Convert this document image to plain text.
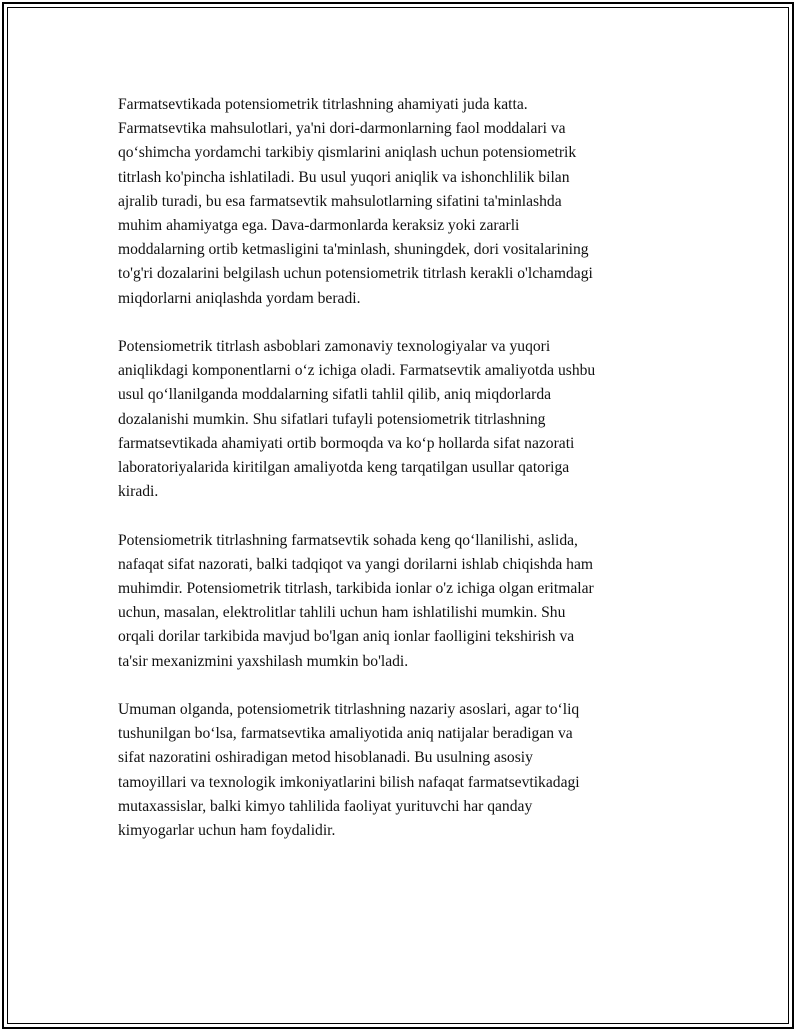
Farmatsevtikada potensiometrik titrlashning ahamiyati juda katta.
Farmatsevtika mahsulotlari, ya'ni dori-darmonlarning faol moddalari va
qo‘shimcha yordamchi tarkibiy qismlarini aniqlash uchun potensiometrik
titrlash ko'pincha ishlatiladi. Bu usul yuqori aniqlik va ishonchlilik bilan
ajralib turadi, bu esa farmatsevtik mahsulotlarning sifatini ta'minlashda
muhim ahamiyatga ega. Dava-darmonlarda keraksiz yoki zararli
moddalarning ortib ketmasligini ta'minlash, shuningdek, dori vositalarining
to'g'ri dozalarini belgilash uchun potensiometrik titrlash kerakli o'lchamdagi
miqdorlarni aniqlashda yordam beradi.

Potensiometrik titrlash asboblari zamonaviy texnologiyalar va yuqori
aniqlikdagi komponentlarni o‘z ichiga oladi. Farmatsevtik amaliyotda ushbu
usul qo‘llanilganda moddalarning sifatli tahlil qilib, aniq miqdorlarda
dozalanishi mumkin. Shu sifatlari tufayli potensiometrik titrlashning
farmatsevtikada ahamiyati ortib bormoqda va ko‘p hollarda sifat nazorati
laboratoriyalarida kiritilgan amaliyotda keng tarqatilgan usullar qatoriga
kiradi.

Potensiometrik titrlashning farmatsevtik sohada keng qo‘llanilishi, aslida,
nafaqat sifat nazorati, balki tadqiqot va yangi dorilarni ishlab chiqishda ham
muhimdir. Potensiometrik titrlash, tarkibida ionlar o'z ichiga olgan eritmalar
uchun, masalan, elektrolitlar tahlili uchun ham ishlatilishi mumkin. Shu
orqali dorilar tarkibida mavjud bo'lgan aniq ionlar faolligini tekshirish va
ta'sir mexanizmini yaxshilash mumkin bo'ladi.

Umuman olganda, potensiometrik titrlashning nazariy asoslari, agar to‘liq
tushunilgan bo‘lsa, farmatsevtika amaliyotida aniq natijalar beradigan va
sifat nazoratini oshiradigan metod hisoblanadi. Bu usulning asosiy
tamoyillari va texnologik imkoniyatlarini bilish nafaqat farmatsevtikadagi
mutaxassislar, balki kimyo tahlilida faoliyat yurituvchi har qanday
kimyogarlar uchun ham foydalidir.
